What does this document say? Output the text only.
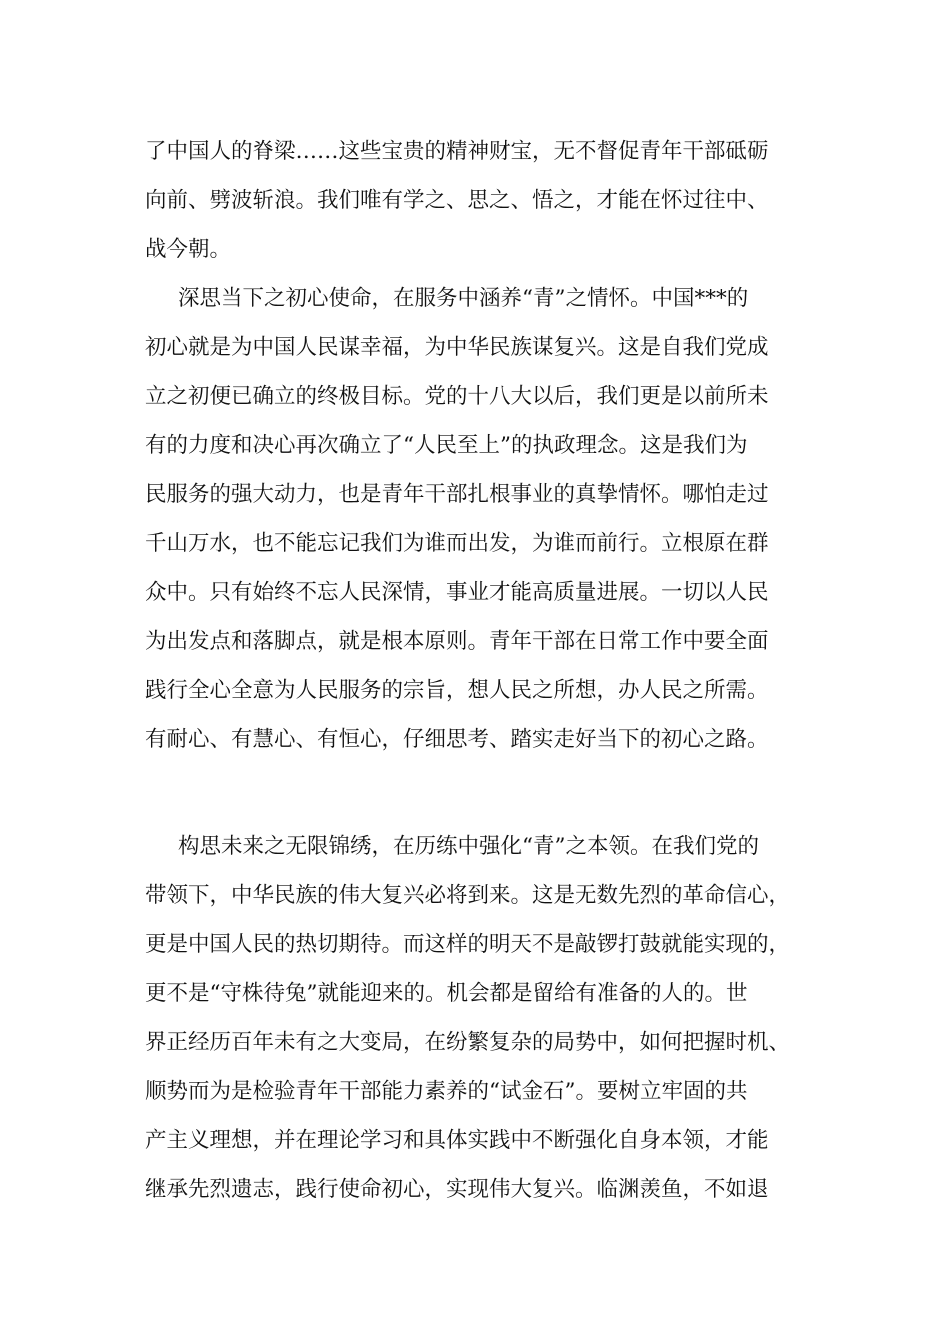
了中国人的脊梁……这些宝贵的精神财宝，无不督促青年干部砥砺
向前、劈波斩浪。我们唯有学之、思之、悟之，才能在怀过往中、
战今朝。
深思当下之初心使命，在服务中涵养“青”之情怀。中国***的
初心就是为中国人民谋幸福，为中华民族谋复兴。这是自我们党成
立之初便已确立的终极目标。党的十八大以后，我们更是以前所未
有的力度和决心再次确立了“人民至上”的执政理念。这是我们为
民服务的强大动力，也是青年干部扎根事业的真挚情怀。哪怕走过
千山万水，也不能忘记我们为谁而出发，为谁而前行。立根原在群
众中。只有始终不忘人民深情，事业才能高质量进展。一切以人民
为出发点和落脚点，就是根本原则。青年干部在日常工作中要全面
践行全心全意为人民服务的宗旨，想人民之所想，办人民之所需。
有耐心、有慧心、有恒心，仔细思考、踏实走好当下的初心之路。
构思未来之无限锦绣，在历练中强化“青”之本领。在我们党的
带领下，中华民族的伟大复兴必将到来。这是无数先烈的革命信心，
更是中国人民的热切期待。而这样的明天不是敲锣打鼓就能实现的，
更不是“守株待兔”就能迎来的。机会都是留给有准备的人的。世
界正经历百年未有之大变局，在纷繁复杂的局势中，如何把握时机、
顺势而为是检验青年干部能力素养的“试金石”。要树立牢固的共
产主义理想，并在理论学习和具体实践中不断强化自身本领，才能
继承先烈遗志，践行使命初心，实现伟大复兴。临渊羡鱼，不如退
